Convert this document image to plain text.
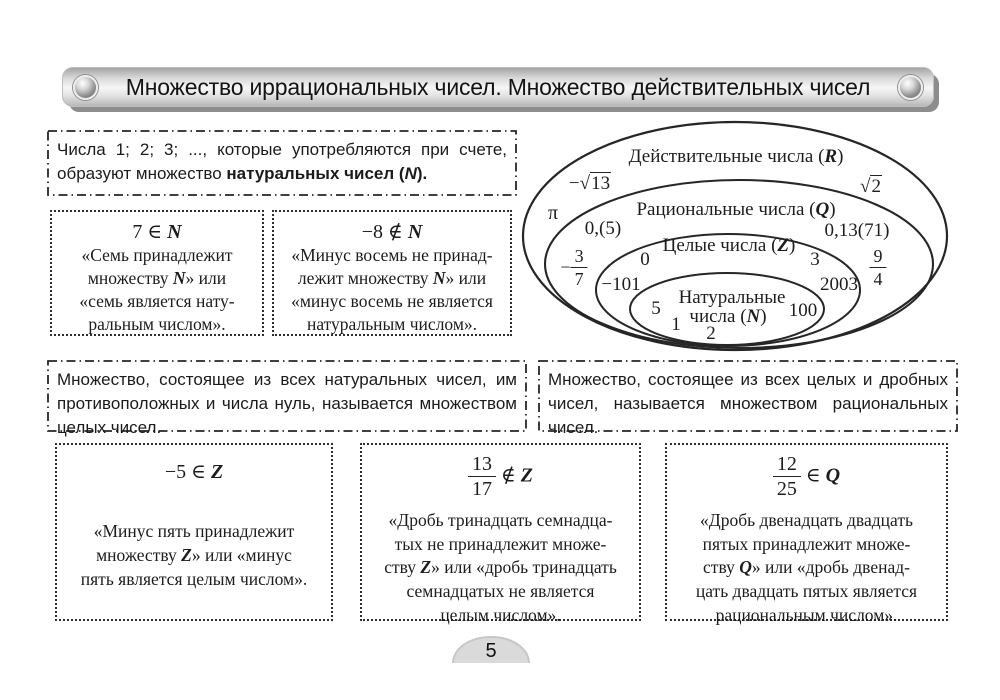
Множество иррациональных чисел. Множество действительных чисел
Числа 1; 2; 3; ..., которые употребляются при счете, образуют множество натуральных чисел (N).
7 ∈ N
«Семь принадлежит
множеству N» или
«семь является нату-
ральным числом».
−8 ∉ N
«Минус восемь не принад-
лежит множеству N» или
«минус восемь не является
натуральным числом».
Действительные числа (R)
−√13	√2
π	Рациональные числа (Q)
0,(5)	0,13(71)
Целые числа (Z)
− $\frac{3}{7}$	$\frac{9}{4}$
0	3
−101	2003
Натуральные
числа (N)
5	100
1 2
Множество, состоящее из всех натуральных чисел, им противоположных и числа нуль, называется множеством целых чисел.
Множество, состоящее из всех целых и дробных чисел, называется множеством рациональных чисел.
−5 ∈ Z
«Минус пять принадлежит
множеству Z» или «минус
пять является целым числом».
$\frac{13}{17}$ ∉ Z
«Дробь тринадцать семнадца-
тых не принадлежит множе-
ству Z» или «дробь тринадцать
семнадцатых не является
целым числом».
$\frac{12}{25}$ ∈ Q
«Дробь двенадцать двадцать
пятых принадлежит множе-
ству Q» или «дробь двенад-
цать двадцать пятых является
рациональным числом».
5
